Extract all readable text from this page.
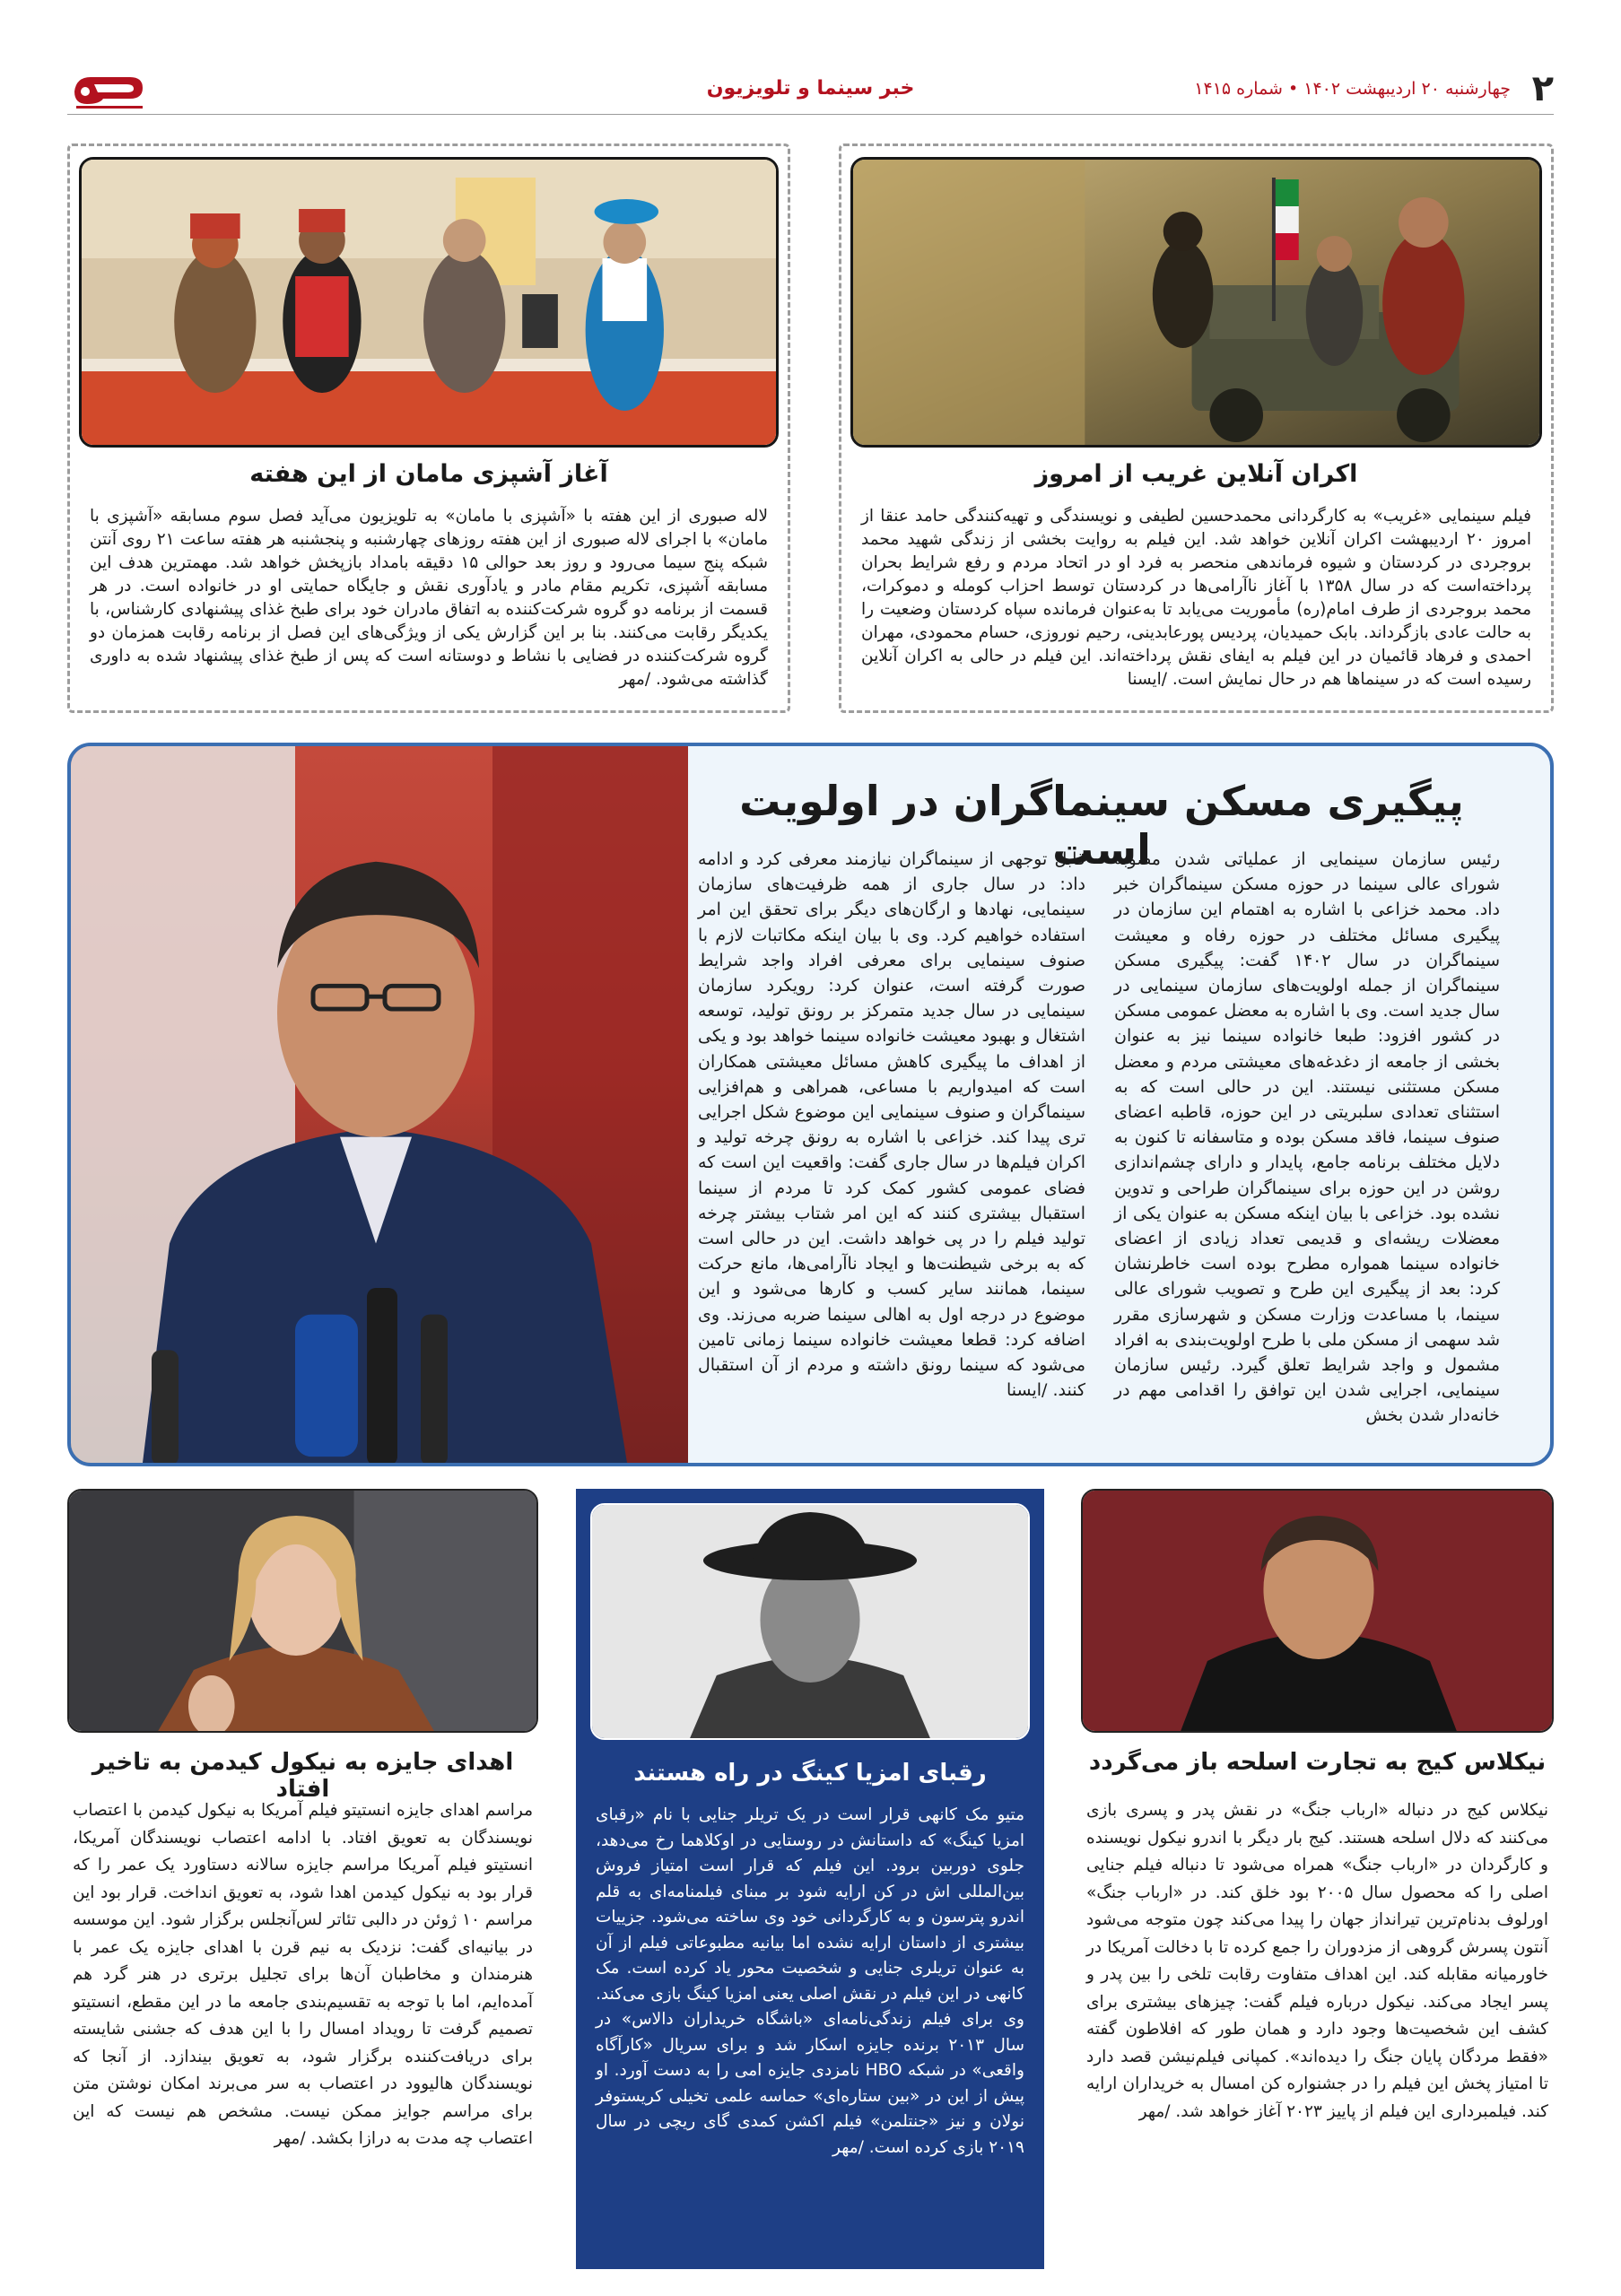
۲
چهارشنبه ۲۰ اردیبهشت ۱۴۰۲ • شماره ۱۴۱۵
خبر سینما و تلویزیون
اکران آنلاین غریب از امروز
فیلم سینمایی «غریب» به کارگردانی محمدحسین لطیفی و نویسندگی و تهیه‌کنندگی حامد عنقا از امروز ۲۰ اردیبهشت اکران آنلاین خواهد شد. این فیلم به روایت بخشی از زندگی شهید محمد بروجردی در کردستان و شیوه فرماندهی منحصر به فرد او در اتحاد مردم و رفع شرایط بحران پرداخته‌است که در سال ۱۳۵۸ با آغاز ناآرامی‌ها در کردستان توسط احزاب کومله و دموکرات، محمد بروجردی از طرف امام(ره) مأموریت می‌یابد تا به‌عنوان فرمانده سپاه کردستان وضعیت را به حالت عادی بازگرداند. بابک حمیدیان، پردیس پورعابدینی، رحیم نوروزی، حسام محمودی، مهران احمدی و فرهاد قائمیان در این فیلم به ایفای نقش پرداخته‌اند. این فیلم در حالی به اکران آنلاین رسیده است که در سینماها هم در حال نمایش است. /ایسنا
آغاز آشپزی مامان از این هفته
لاله صبوری از این هفته با «آشپزی با مامان» به تلویزیون می‌آید فصل سوم مسابقه «آشپزی با مامان» با اجرای لاله صبوری از این هفته روزهای چهارشنبه و پنجشنبه هر هفته ساعت ۲۱ روی آنتن شبکه پنج سیما می‌رود و روز بعد حوالی ۱۵ دقیقه بامداد بازپخش خواهد شد. مهمترین هدف این مسابقه آشپزی، تکریم مقام مادر و یادآوری نقش و جایگاه حمایتی او در خانواده است. در هر قسمت از برنامه دو گروه شرکت‌کننده به اتفاق مادران خود برای طبخ غذای پیشنهادی کارشناس، با یکدیگر رقابت می‌کنند. بنا بر این گزارش یکی از ویژگی‌های این فصل از برنامه رقابت همزمان دو گروه شرکت‌کننده در فضایی با نشاط و دوستانه است که پس از طبخ غذای پیشنهاد شده به داوری گذاشته می‌شود. /مهر
پیگیری مسکن سینماگران در اولویت است
رئیس سازمان سینمایی از عملیاتی شدن مصوبه شورای عالی سینما در حوزه مسکن سینماگران خبر داد. محمد خزاعی با اشاره به اهتمام این سازمان در پیگیری مسائل مختلف در حوزه رفاه و معیشت سینماگران در سال ۱۴۰۲ گفت: پیگیری مسکن سینماگران از جمله اولویت‌های سازمان سینمایی در سال جدید است. وی با اشاره به معضل عمومی مسکن در کشور افزود: طبعا خانواده سینما نیز به عنوان بخشی از جامعه از دغدغه‌های معیشتی مردم و معضل مسکن مستثنی نیستند. این در حالی است که به استثنای تعدادی سلبریتی در این حوزه، قاطبه اعضای صنوف سینما، فاقد مسکن بوده و متاسفانه تا کنون به دلایل مختلف برنامه جامع، پایدار و دارای چشم‌اندازی روشن در این حوزه برای سینماگران طراحی و تدوین نشده بود. خزاعی با بیان اینکه مسکن به عنوان یکی از معضلات ریشه‌ای و قدیمی تعداد زیادی از اعضای خانواده سینما همواره مطرح بوده است خاطرنشان کرد: بعد از پیگیری این طرح و تصویب شورای عالی سینما، با مساعدت وزارت مسکن و شهرسازی مقرر شد سهمی از مسکن ملی با طرح اولویت‌بندی به افراد مشمول و واجد شرایط تعلق گیرد. رئیس سازمان سینمایی، اجرایی شدن این توافق را اقدامی مهم در خانه‌دار شدن بخش
قابل توجهی از سینماگران نیازمند معرفی کرد و ادامه داد: در سال جاری از همه ظرفیت‌های سازمان سینمایی، نهادها و ارگان‌های دیگر برای تحقق این امر استفاده خواهیم کرد. وی با بیان اینکه مکاتبات لازم با صنوف سینمایی برای معرفی افراد واجد شرایط صورت گرفته است، عنوان کرد: رویکرد سازمان سینمایی در سال جدید متمرکز بر رونق تولید، توسعه اشتغال و بهبود معیشت خانواده سینما خواهد بود و یکی از اهداف ما پیگیری کاهش مسائل معیشتی همکاران است که امیدواریم با مساعی، همراهی و هم‌افزایی سینماگران و صنوف سینمایی این موضوع شکل اجرایی تری پیدا کند. خزاعی با اشاره به رونق چرخه تولید و اکران فیلم‌ها در سال جاری گفت: واقعیت این است که فضای عمومی کشور کمک کرد تا مردم از سینما استقبال بیشتری کنند که این امر شتاب بیشتر چرخه تولید فیلم را در پی خواهد داشت. این در حالی است که به برخی شیطنت‌ها و ایجاد ناآرامی‌ها، مانع حرکت سینما، همانند سایر کسب و کارها می‌شود و این موضوع در درجه اول به اهالی سینما ضربه می‌زند. وی اضافه کرد: قطعا معیشت خانواده سینما زمانی تامین می‌شود که سینما رونق داشته و مردم از آن استقبال کنند. /ایسنا
نیکلاس کیج به تجارت اسلحه باز می‌گردد
نیکلاس کیج در دنباله «ارباب جنگ» در نقش پدر و پسری بازی می‌کنند که دلال اسلحه هستند. کیج بار دیگر با اندرو نیکول نویسنده و کارگردان در «ارباب جنگ» همراه می‌شود تا دنباله فیلم جنایی اصلی را که محصول سال ۲۰۰۵ بود خلق کند. در «ارباب جنگ» اورلوف بدنام‌ترین تیرانداز جهان را پیدا می‌کند چون متوجه می‌شود آنتون پسرش گروهی از مزدوران را جمع کرده تا با دخالت آمریکا در خاورمیانه مقابله کند. این اهداف متفاوت رقابت تلخی را بین پدر و پسر ایجاد می‌کند. نیکول درباره فیلم گفت: چیزهای بیشتری برای کشف این شخصیت‌ها وجود دارد و همان طور که افلاطون گفته «فقط مردگان پایان جنگ را دیده‌اند». کمپانی فیلم‌نیشن قصد دارد تا امتیاز پخش این فیلم را در جشنواره کن امسال به خریداران ارایه کند. فیلمبرداری این فیلم از پاییز ۲۰۲۳ آغاز خواهد شد. /مهر
رقبای امزیا کینگ در راه هستند
متیو مک کانهی قرار است در یک تریلر جنایی با نام «رقبای امزیا کینگ» که داستانش در روستایی در اوکلاهما رخ می‌دهد، جلوی دوربین برود. این فیلم که قرار است امتیاز فروش بین‌المللی اش در کن ارایه شود بر مبنای فیلمنامه‌ای به قلم اندرو پترسون و به کارگردانی خود وی ساخته می‌شود. جزییات بیشتری از داستان ارایه نشده اما بیانیه مطبوعاتی فیلم از آن به عنوان تریلری جنایی و شخصیت محور یاد کرده است. مک کانهی در این فیلم در نقش اصلی یعنی امزیا کینگ بازی می‌کند. وی برای فیلم زندگی‌نامه‌ای «باشگاه خریداران دالاس» در سال ۲۰۱۳ برنده جایزه اسکار شد و برای سریال «کارآگاه واقعی» در شبکه HBO نامزدی جایزه امی را به دست آورد. او پیش از این در «بین ستاره‌ای» حماسه علمی تخیلی کریستوفر نولان و نیز «جنتلمن» فیلم اکشن کمدی گای ریچی در سال ۲۰۱۹ بازی کرده است. /مهر
اهدای جایزه به نیکول کیدمن به تاخیر افتاد
مراسم اهدای جایزه انستیتو فیلم آمریکا به نیکول کیدمن با اعتصاب نویسندگان به تعویق افتاد. با ادامه اعتصاب نویسندگان آمریکا، انستیتو فیلم آمریکا مراسم جایزه سالانه دستاورد یک عمر را که قرار بود به نیکول کیدمن اهدا شود، به تعویق انداخت. قرار بود این مراسم ۱۰ ژوئن در دالبی تئاتر لس‌آنجلس برگزار شود. این موسسه در بیانیه‌ای گفت: نزدیک به نیم قرن با اهدای جایزه یک عمر با هنرمندان و مخاطبان آن‌ها برای تجلیل برتری در هنر گرد هم آمده‌ایم، اما با توجه به تقسیم‌بندی جامعه ما در این مقطع، انستیتو تصمیم گرفت تا رویداد امسال را با این هدف که جشنی شایسته برای دریافت‌کننده برگزار شود، به تعویق بیندازد. از آنجا که نویسندگان هالیوود در اعتصاب به سر می‌برند امکان نوشتن متن برای مراسم جوایز ممکن نیست. مشخص هم نیست که این اعتصاب چه مدت به درازا بکشد. /مهر
